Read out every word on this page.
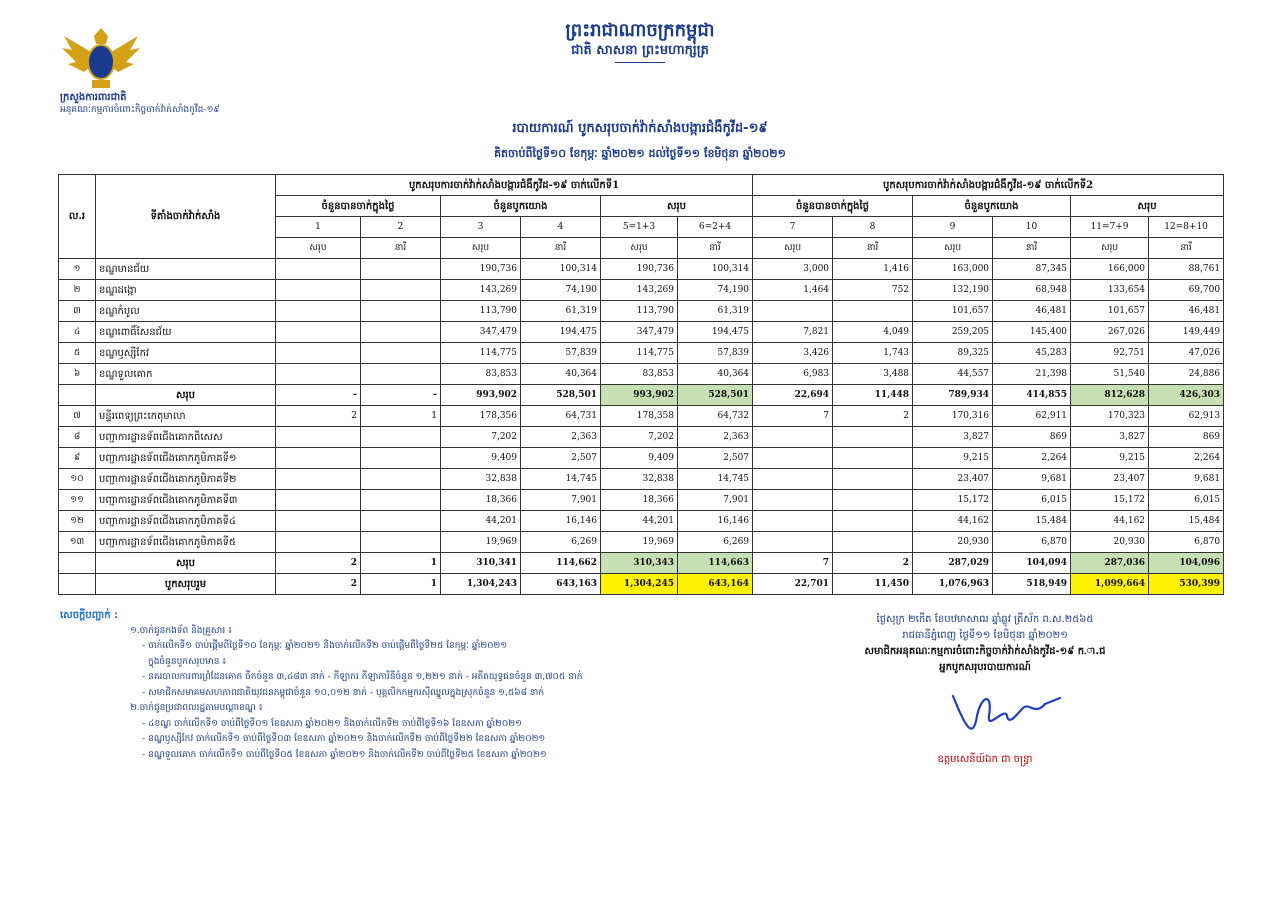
ព្រះរាជាណាចក្រកម្ពុជា
ជាតិ សាសនា ព្រះមហាក្សត្រ
ក្រសួងការពារជាតិ
អនុគណៈកម្មការចំពោះកិច្ចចាក់វ៉ាក់សាំងកូវីដ-១៩
របាយការណ៍ បូកសរុបចាក់វ៉ាក់សាំងបង្ការជំងឺកូវីដ-១៩
គិតចាប់ពីថ្ងៃទី១០ ខែកុម្ភៈ ឆ្នាំ២០២១ ដល់ថ្ងៃទី១១ ខែមិថុនា ឆ្នាំ២០២១
ល.រ	ទីតាំងចាក់វ៉ាក់សាំង	បូកសរុបការចាក់វ៉ាក់សាំងបង្ការជំងឺកូវីដ-១៩ ចាក់លើកទី1						បូកសរុបការចាក់វ៉ាក់សាំងបង្ការជំងឺកូវីដ-១៩ ចាក់លើកទី2					
		ចំនួនបានចាក់ក្នុងថ្ងៃ		ចំនួនបូកយោង		សរុប		ចំនួនបានចាក់ក្នុងថ្ងៃ		ចំនួនបូកយោង		សរុប	
		1	2	3	4	5=1+3	6=2+4	7	8	9	10	11=7+9	12=8+10
		សរុប	នារី	សរុប	នារី	សរុប	នារី	សរុប	នារី	សរុប	នារី	សរុប	នារី
១	ខណ្ឌមានជ័យ			190,736	100,314	190,736	100,314	3,000	1,416	163,000	87,345	166,000	88,761
២	ខណ្ឌដង្កោ			143,269	74,190	143,269	74,190	1,464	752	132,190	68,948	133,654	69,700
៣	ខណ្ឌកំបូល			113,790	61,319	113,790	61,319			101,657	46,481	101,657	46,481
៤	ខណ្ឌពោធិ៍សែនជ័យ			347,479	194,475	347,479	194,475	7,821	4,049	259,205	145,400	267,026	149,449
៥	ខណ្ឌឫស្សីកែវ			114,775	57,839	114,775	57,839	3,426	1,743	89,325	45,283	92,751	47,026
៦	ខណ្ឌទួលគោក			83,853	40,364	83,853	40,364	6,983	3,488	44,557	21,398	51,540	24,886
	សរុប	-	-	993,902	528,501	993,902	528,501	22,694	11,448	789,934	414,855	812,628	426,303
៧	មន្ទីរពេទ្យព្រះកេតុមាលា	2	1	178,356	64,731	178,358	64,732	7	2	170,316	62,911	170,323	62,913
៨	បញ្ជាការដ្ឋានទ័ពជើងគោកពិសេស			7,202	2,363	7,202	2,363			3,827	869	3,827	869
៩	បញ្ជាការដ្ឋានទ័ពជើងគោកភូមិភាគទី១			9,409	2,507	9,409	2,507			9,215	2,264	9,215	2,264
១០	បញ្ជាការដ្ឋានទ័ពជើងគោកភូមិភាគទី២			32,838	14,745	32,838	14,745			23,407	9,681	23,407	9,681
១១	បញ្ជាការដ្ឋានទ័ពជើងគោកភូមិភាគទី៣			18,366	7,901	18,366	7,901			15,172	6,015	15,172	6,015
១២	បញ្ជាការដ្ឋានទ័ពជើងគោកភូមិភាគទី៤			44,201	16,146	44,201	16,146			44,162	15,484	44,162	15,484
១៣	បញ្ជាការដ្ឋានទ័ពជើងគោកភូមិភាគទី៥			19,969	6,269	19,969	6,269			20,930	6,870	20,930	6,870
	សរុប	2	1	310,341	114,662	310,343	114,663	7	2	287,029	104,094	287,036	104,096
	បូកសរុបរួម	2	1	1,304,243	643,163	1,304,245	643,164	22,701	11,450	1,076,963	518,949	1,099,664	530,399
សេចក្ដីបញ្ជាក់ :
១.ចាក់ជូនកងទ័ព និងគ្រួសារ ៖
- ចាក់លើកទី១ ចាប់ផ្ដើមពីថ្ងៃទី១០ ខែកុម្ភៈ ឆ្នាំ២០២១ និងចាក់លើកទី២ ចាប់ផ្ដើមពីថ្ងៃទី២៥ ខែកុម្ភៈ ឆ្នាំ២០២១
ក្នុងចំនួនបូកសរុបមាន ៖
- នគរបាលការពារព្រំដែនគោក ចីកចំនួន ៣,៤៨៣ នាក់ - កីឡាករ កីឡាការិនីចំនួន ១,២២១ នាក់ - អតីតយុទ្ធជនចំនួន ៣,៧០៥ នាក់
- សមាជិកសមាគមសហភាពជាតិយុវជនកម្ពុជាចំនួន ១០,០១២ នាក់ - បុគ្គលិកកម្មករស៊ីឈ្នួលក្នុងស្រុកចំនួន ១,៥៦៨ នាក់
២.ចាក់ជូនប្រជាពលរដ្ឋតាមបណ្ដាខណ្ឌ ៖
- ៤ខណ្ឌ ចាក់លើកទី១ ចាប់ពីថ្ងៃទី០១ ខែឧសភា ឆ្នាំ២០២១ និងចាក់លើកទី២ ចាប់ពីថ្ងៃទី១៦ ខែឧសភា ឆ្នាំ២០២១
- ខណ្ឌឫស្សីកែវ ចាក់លើកទី១ ចាប់ពីថ្ងៃទី០៣ ខែឧសភា ឆ្នាំ២០២១ និងចាក់លើកទី២ ចាប់ពីថ្ងៃទី២២ ខែឧសភា ឆ្នាំ២០២១
- ខណ្ឌទួលគោក ចាក់លើកទី១ ចាប់ពីថ្ងៃទី០៥ ខែឧសភា ឆ្នាំ២០២១ និងចាក់លើកទី២ ចាប់ពីថ្ងៃទី២៥ ខែឧសភា ឆ្នាំ២០២១
ថ្ងៃសុក្រ ២កើត ខែបឋមាសាឍ ឆ្នាំឆ្លូវ ត្រីស័ក ព.ស.២៥៦៥
រាជធានីភ្នំពេញ ថ្ងៃទី១១ ខែមិថុនា ឆ្នាំ២០២១
សមាជិកអនុគណៈកម្មការចំពោះកិច្ចចាក់វ៉ាក់សាំងកូវីដ-១៩ ក.ា.ជ
អ្នកបូកសរុបរបាយការណ៍
ឧត្តមសេនីយ៍ឯក ជា ចន្ធ្រា
